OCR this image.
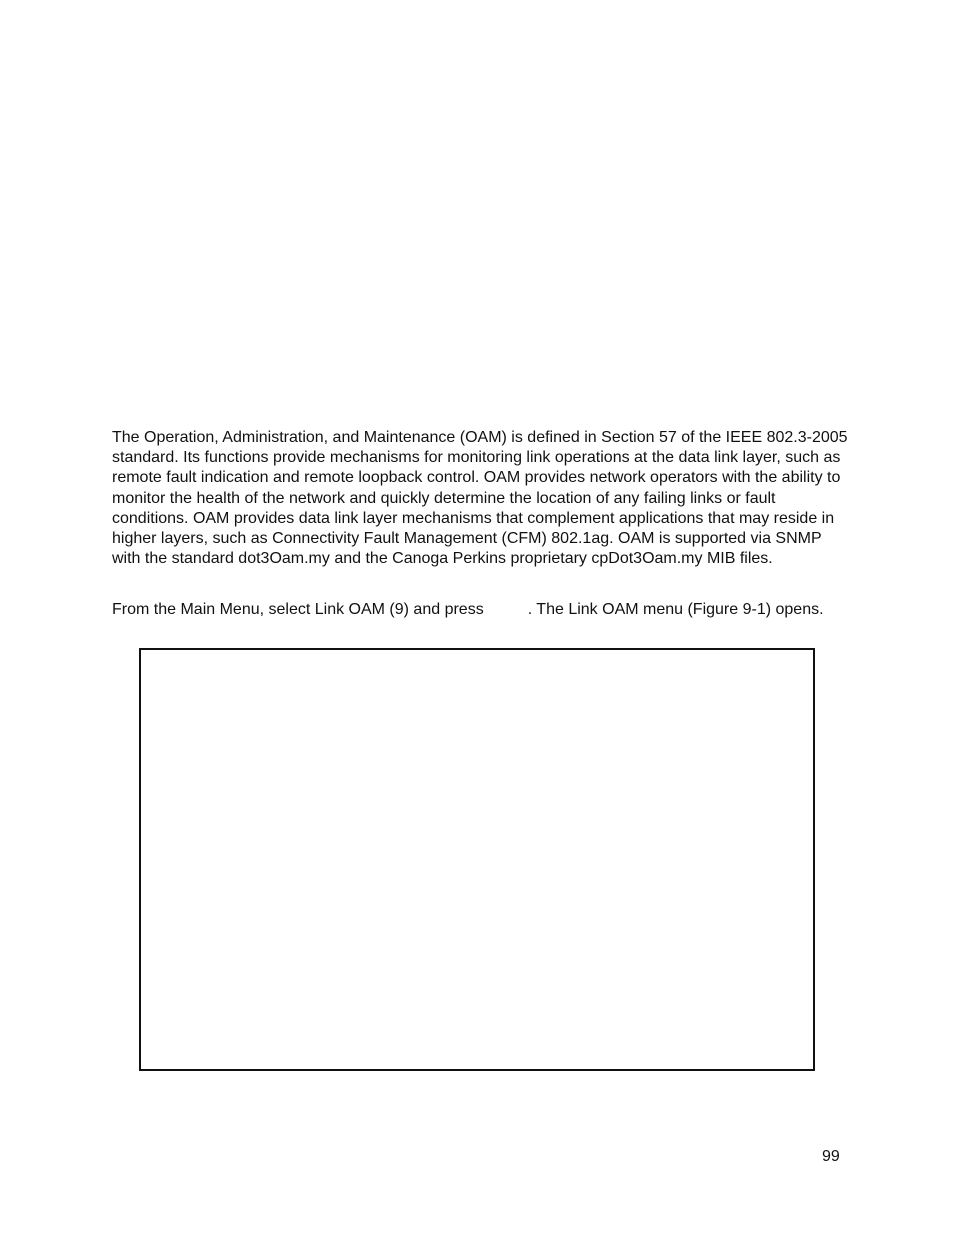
The Operation, Administration, and Maintenance (OAM) is defined in Section 57 of the IEEE 802.3-2005 standard. Its functions provide mechanisms for monitoring link operations at the data link layer, such as remote fault indication and remote loopback control. OAM provides network operators with the ability to monitor the health of the network and quickly determine the location of any failing links or fault conditions. OAM provides data link layer mechanisms that complement applications that may reside in higher layers, such as Connectivity Fault Management (CFM) 802.1ag. OAM is supported via SNMP with the standard dot3Oam.my and the Canoga Perkins proprietary cpDot3Oam.my MIB files.

From the Main Menu, select Link OAM (9) and press	. The Link OAM menu (Figure 9-1) opens.

99
